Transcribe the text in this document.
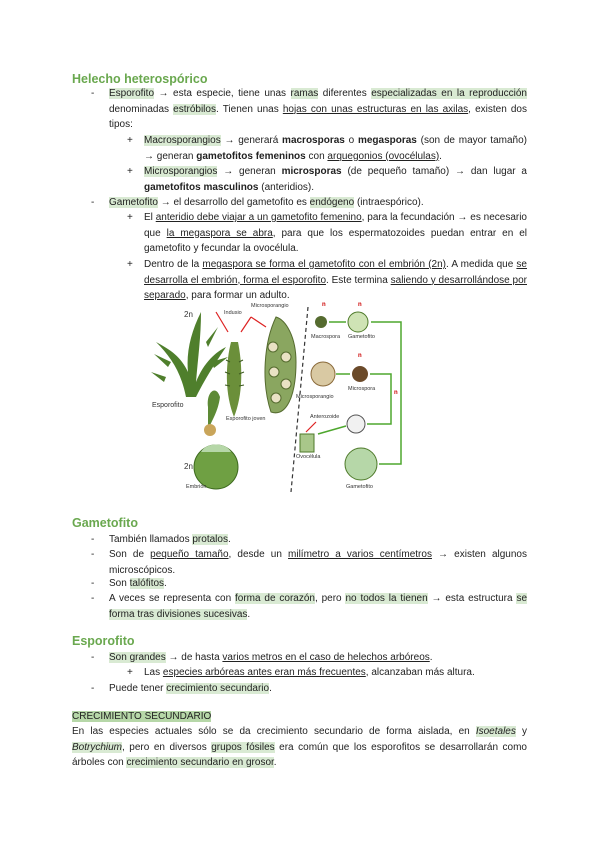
Helecho heterospórico
- Esporofito → esta especie, tiene unas ramas diferentes especializadas en la reproducción denominadas estróbilos. Tienen unas hojas con unas estructuras en las axilas, existen dos tipos:

+ Macrosporangios → generará macrosporas o megasporas (son de mayor tamaño) → generan gametofitos femeninos con arquegonios (ovocélulas).

+ Microsporangios → generan microsporas (de pequeño tamaño) → dan lugar a gametofitos masculinos (anteridios).

- Gametofito → el desarrollo del gametofito es endógeno (intraespórico).

+ El anteridio debe viajar a un gametofito femenino, para la fecundación → es necesario que la megaspora se abra, para que los espermatozoides puedan entrar en el gametofito y fecundar la ovocélula.

+ Dentro de la megaspora se forma el gametofito con el embrión (2n). A medida que se desarrolla el embrión, forma el esporofito. Este termina saliendo y desarrollándose por separado, para formar un adulto.

2n
2n
Indusio
Microsporangio
Macrospora Gametofito
n	n
n
n
Microspora
Microsporangio
Anterozoide
Ovocélula
Gametofito
Esporofito
Esporofito joven
Embrión
Gametofito
- También llamados protalos.

- Son de pequeño tamaño, desde un milímetro a varios centímetros → existen algunos microscópicos.

- Son talófitos.

- A veces se representa con forma de corazón, pero no todos la tienen → esta estructura se forma tras divisiones sucesivas.

Esporofito
- Son grandes → de hasta varios metros en el caso de helechos arbóreos.

+ Las especies arbóreas antes eran más frecuentes, alcanzaban más altura.

- Puede tener crecimiento secundario.

CRECIMIENTO SECUNDARIO

En las especies actuales sólo se da crecimiento secundario de forma aislada, en Isoetales y Botrychium, pero en diversos grupos fósiles era común que los esporofitos se desarrollarán como árboles con crecimiento secundario en grosor.
